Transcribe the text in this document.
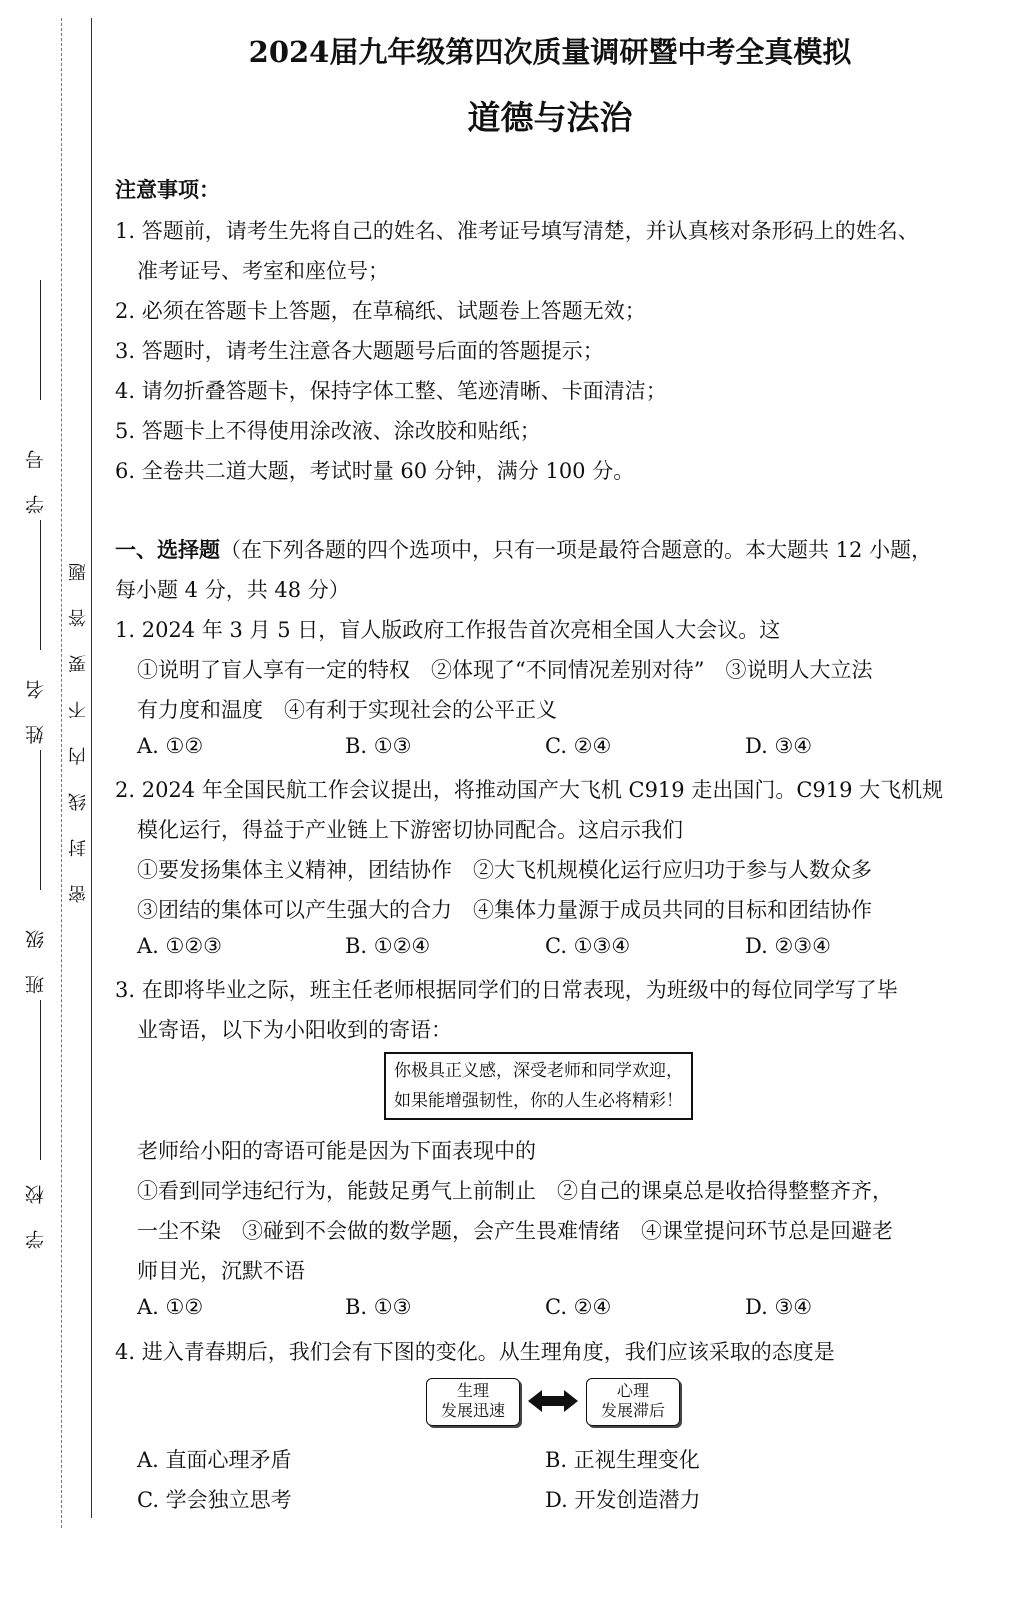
学 号
姓 名
班 级
学 校
密封线内不要答题
2024届九年级第四次质量调研暨中考全真模拟
道德与法治
注意事项：
1. 答题前，请考生先将自己的姓名、准考证号填写清楚，并认真核对条形码上的姓名、
准考证号、考室和座位号；
2. 必须在答题卡上答题，在草稿纸、试题卷上答题无效；
3. 答题时，请考生注意各大题题号后面的答题提示；
4. 请勿折叠答题卡，保持字体工整、笔迹清晰、卡面清洁；
5. 答题卡上不得使用涂改液、涂改胶和贴纸；
6. 全卷共二道大题，考试时量 60 分钟，满分 100 分。
一、选择题（在下列各题的四个选项中，只有一项是最符合题意的。本大题共 12 小题，
每小题 4 分，共 48 分）
1. 2024 年 3 月 5 日，盲人版政府工作报告首次亮相全国人大会议。这
①说明了盲人享有一定的特权　②体现了“不同情况差别对待”　③说明人大立法
有力度和温度　④有利于实现社会的公平正义
A. ①②	B. ①③	C. ②④	D. ③④
2. 2024 年全国民航工作会议提出，将推动国产大飞机 C919 走出国门。C919 大飞机规
模化运行，得益于产业链上下游密切协同配合。这启示我们
①要发扬集体主义精神，团结协作　②大飞机规模化运行应归功于参与人数众多
③团结的集体可以产生强大的合力　④集体力量源于成员共同的目标和团结协作
A. ①②③	B. ①②④	C. ①③④	D. ②③④
3. 在即将毕业之际，班主任老师根据同学们的日常表现，为班级中的每位同学写了毕
业寄语，以下为小阳收到的寄语：
你极具正义感，深受老师和同学欢迎，
如果能增强韧性，你的人生必将精彩！
老师给小阳的寄语可能是因为下面表现中的
①看到同学违纪行为，能鼓足勇气上前制止　②自己的课桌总是收拾得整整齐齐，
一尘不染　③碰到不会做的数学题，会产生畏难情绪　④课堂提问环节总是回避老
师目光，沉默不语
A. ①②	B. ①③	C. ②④	D. ③④
4. 进入青春期后，我们会有下图的变化。从生理角度，我们应该采取的态度是
生理
发展迅速
心理
发展滞后
A. 直面心理矛盾	B. 正视生理变化
C. 学会独立思考	D. 开发创造潜力
